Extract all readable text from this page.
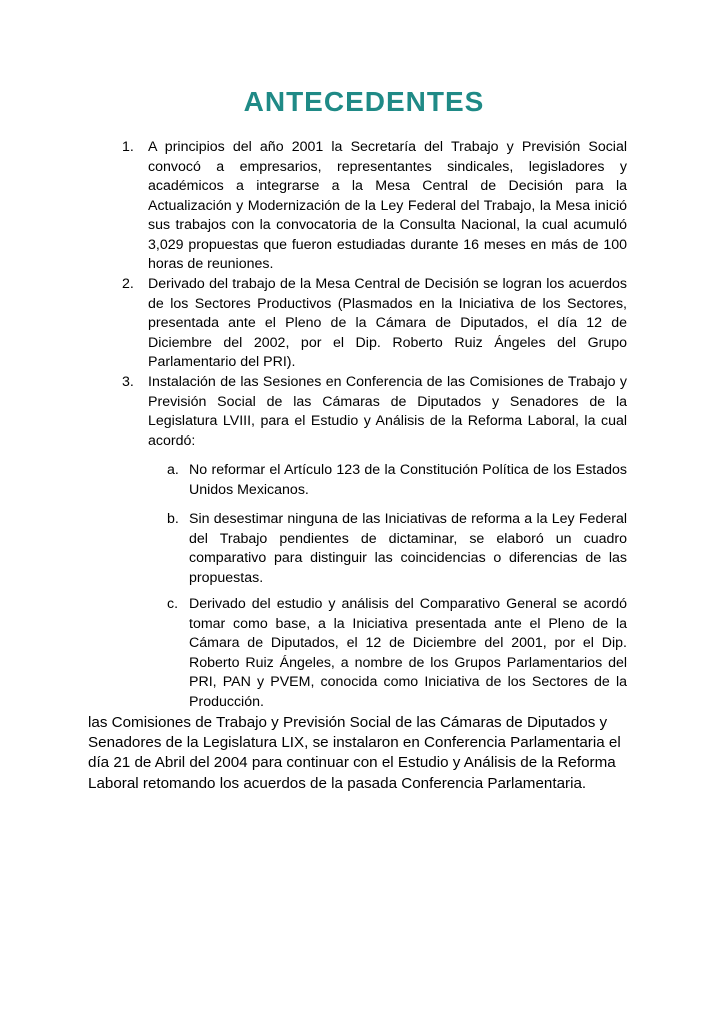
ANTECEDENTES
1. A principios del año 2001 la Secretaría del Trabajo y Previsión Social convocó a empresarios, representantes sindicales, legisladores y académicos a integrarse a la Mesa Central de Decisión para la Actualización y Modernización de la Ley Federal del Trabajo, la Mesa inició sus trabajos con la convocatoria de la Consulta Nacional, la cual acumuló 3,029 propuestas que fueron estudiadas durante 16 meses en más de 100 horas de reuniones.
2. Derivado del trabajo de la Mesa Central de Decisión se logran los acuerdos de los Sectores Productivos (Plasmados en la Iniciativa de los Sectores, presentada ante el Pleno de la Cámara de Diputados, el día 12 de Diciembre del 2002, por el Dip. Roberto Ruiz Ángeles del Grupo Parlamentario del PRI).
3. Instalación de las Sesiones en Conferencia de las Comisiones de Trabajo y Previsión Social de las Cámaras de Diputados y Senadores de la Legislatura LVIII, para el Estudio y Análisis de la Reforma Laboral, la cual acordó:
a. No reformar el Artículo 123 de la Constitución Política de los Estados Unidos Mexicanos.
b. Sin desestimar ninguna de las Iniciativas de reforma a la Ley Federal del Trabajo pendientes de dictaminar, se elaboró un cuadro comparativo para distinguir las coincidencias o diferencias de las propuestas.
c. Derivado del estudio y análisis del Comparativo General se acordó tomar como base, a la Iniciativa presentada ante el Pleno de la Cámara de Diputados, el 12 de Diciembre del 2001, por el Dip. Roberto Ruiz Ángeles, a nombre de los Grupos Parlamentarios del PRI, PAN y PVEM, conocida como Iniciativa de los Sectores de la Producción.
las Comisiones de Trabajo y Previsión Social de las Cámaras de Diputados y Senadores de la Legislatura LIX, se instalaron en Conferencia Parlamentaria el día 21 de Abril del 2004 para continuar con el Estudio y Análisis de la Reforma Laboral retomando los acuerdos de la pasada Conferencia Parlamentaria.
